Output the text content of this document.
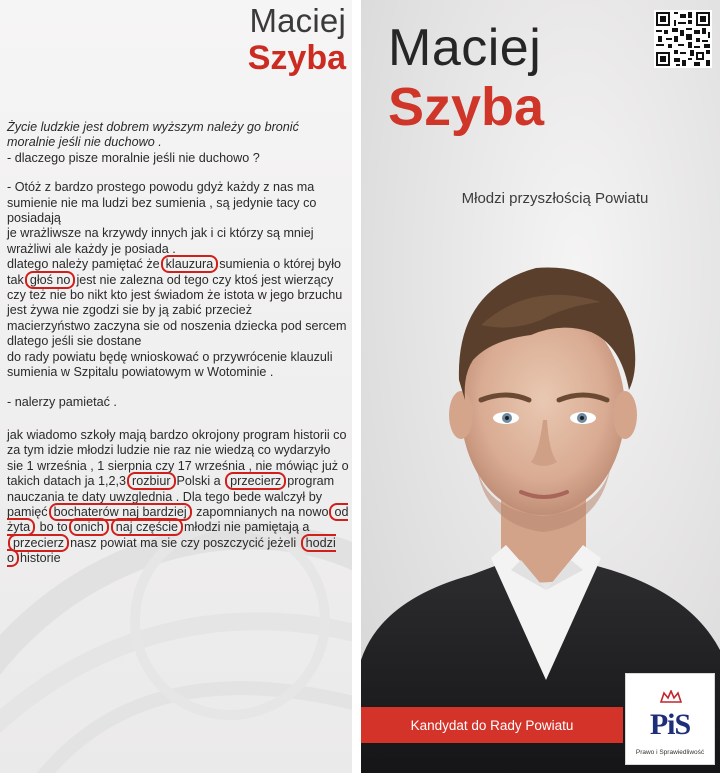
Maciej
Szyba

Życie ludzkie jest dobrem wyższym należy go bronić moralnie jeśli nie duchowo .

- dlaczego pisze moralnie jeśli nie duchowo ?

- Otóż z bardzo prostego powodu gdyż każdy z nas ma sumienie nie ma ludzi bez sumienia , są jedynie tacy co posiadają

je wrażliwsze na krzywdy innych jak i ci którzy są mniej wrażliwi ale każdy je posiada .

dlatego należy pamiętać że klauzura sumienia o której było tak głoś no jest nie zalezna od tego czy ktoś jest wierzący czy też nie bo nikt kto jest świadom że istota w jego brzuchu jest żywa nie zgodzi sie by ją zabić przecież

macierzyństwo zaczyna sie od noszenia dziecka pod sercem dlatego jeśli sie dostane

do rady powiatu będę wnioskować o przywrócenie klauzuli sumienia w Szpitalu powiatowym w Wotominie .

- nalerzy pamietać .

jak wiadomo szkoły mają bardzo okrojony program historii co za tym idzie młodzi ludzie nie raz nie wiedzą co wydarzyło

sie 1 września , 1 sierpnia czy 17 września , nie mówiąc już o takich datach ja 1,2,3 rozbiur Polski a przecierz program nauczania te daty uwzglednia . Dla tego bede walczył by pamięć bochaterów naj bardziej zapomnianych na nowo od żyta bo to onich naj częście młodzi nie pamiętają a przecierz nasz powiat ma sie czy poszczycić jeżeli hodzi o historie

Maciej
Szyba
Młodzi przyszłością Powiatu
Kandydat do Rady Powiatu	PiS
Prawo i Sprawiedliwość
